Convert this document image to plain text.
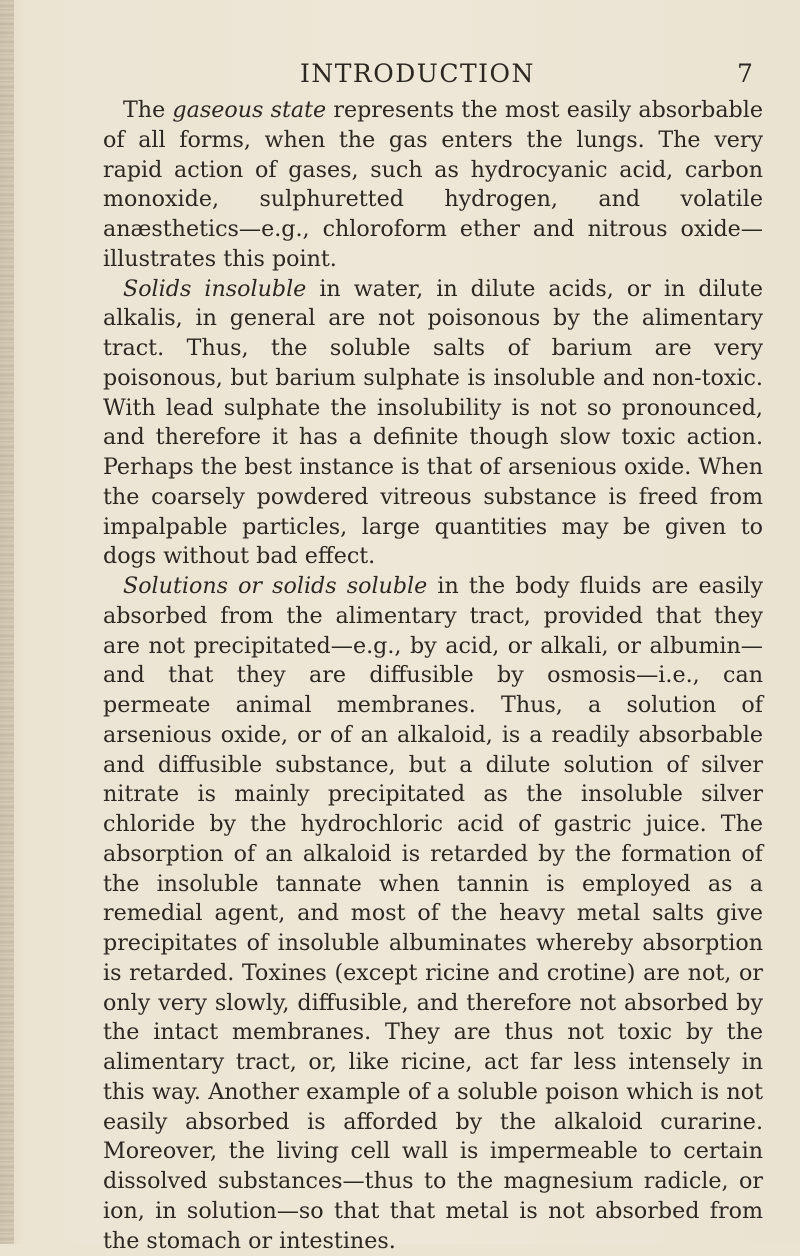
INTRODUCTION	7

The gaseous state represents the most easily absorbable of all forms, when the gas enters the lungs. The very rapid action of gases, such as hydrocyanic acid, carbon monoxide, sulphuretted hydrogen, and volatile anæsthetics—e.g., chloroform ether and nitrous oxide—illustrates this point.

Solids insoluble in water, in dilute acids, or in dilute alkalis, in general are not poisonous by the alimentary tract. Thus, the soluble salts of barium are very poisonous, but barium sulphate is insoluble and non-toxic. With lead sulphate the insolubility is not so pronounced, and therefore it has a definite though slow toxic action. Perhaps the best instance is that of arsenious oxide. When the coarsely powdered vitreous substance is freed from impalpable particles, large quantities may be given to dogs without bad effect.

Solutions or solids soluble in the body fluids are easily absorbed from the alimentary tract, provided that they are not precipitated—e.g., by acid, or alkali, or albumin—and that they are diffusible by osmosis—i.e., can permeate animal membranes. Thus, a solution of arsenious oxide, or of an alkaloid, is a readily absorbable and diffusible substance, but a dilute solution of silver nitrate is mainly precipitated as the insoluble silver chloride by the hydrochloric acid of gastric juice. The absorption of an alkaloid is retarded by the formation of the insoluble tannate when tannin is employed as a remedial agent, and most of the heavy metal salts give precipitates of insoluble albuminates whereby absorption is retarded. Toxines (except ricine and crotine) are not, or only very slowly, diffusible, and therefore not absorbed by the intact membranes. They are thus not toxic by the alimentary tract, or, like ricine, act far less intensely in this way. Another example of a soluble poison which is not easily absorbed is afforded by the alkaloid curarine. Moreover, the living cell wall is impermeable to certain dissolved substances—thus to the magnesium radicle, or ion, in solution—so that that metal is not absorbed from the stomach or intestines.
